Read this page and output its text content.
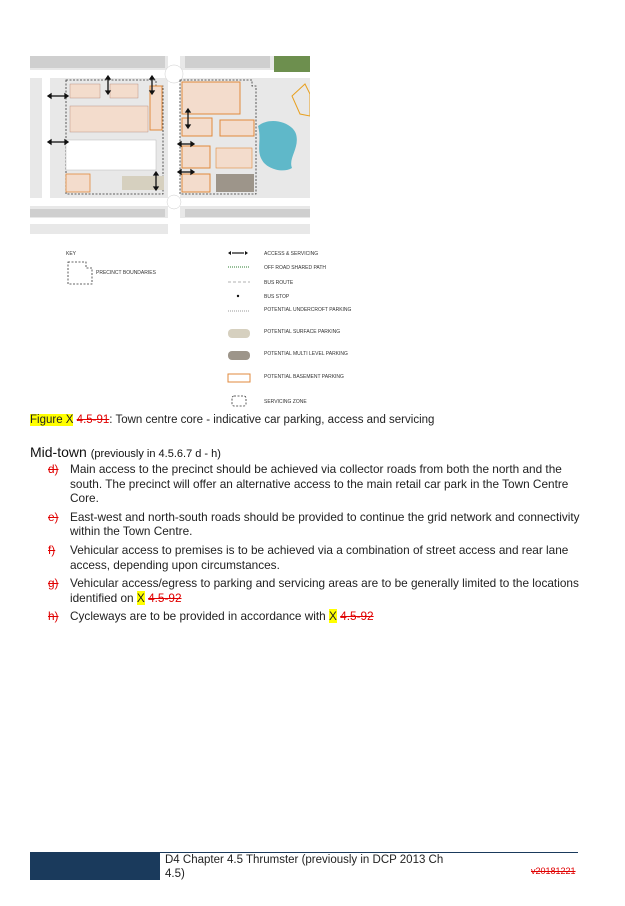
KEY
PRECINCT BOUNDARIES
ACCESS & SERVICING
OFF ROAD SHARED PATH
BUS ROUTE
BUS STOP
POTENTIAL UNDERCROFT PARKING
POTENTIAL SURFACE PARKING
POTENTIAL MULTI LEVEL PARKING
POTENTIAL BASEMENT PARKING
SERVICING ZONE
Figure X 4.5-91: Town centre core - indicative car parking, access and servicing
Mid-town (previously in 4.5.6.7 d - h)
d) Main access to the precinct should be achieved via collector roads from both the north and the south. The precinct will offer an alternative access to the main retail car park in the Town Centre Core.
e) East-west and north-south roads should be provided to continue the grid network and connectivity within the Town Centre.
f) Vehicular access to premises is to be achieved via a combination of street access and rear lane access, depending upon circumstances.
g) Vehicular access/egress to parking and servicing areas are to be generally limited to the locations identified on X 4.5-92
h) Cycleways are to be provided in accordance with X 4.5-92
D4 Chapter 4.5 Thrumster (previously in DCP 2013 Ch 4.5)	v20181221
